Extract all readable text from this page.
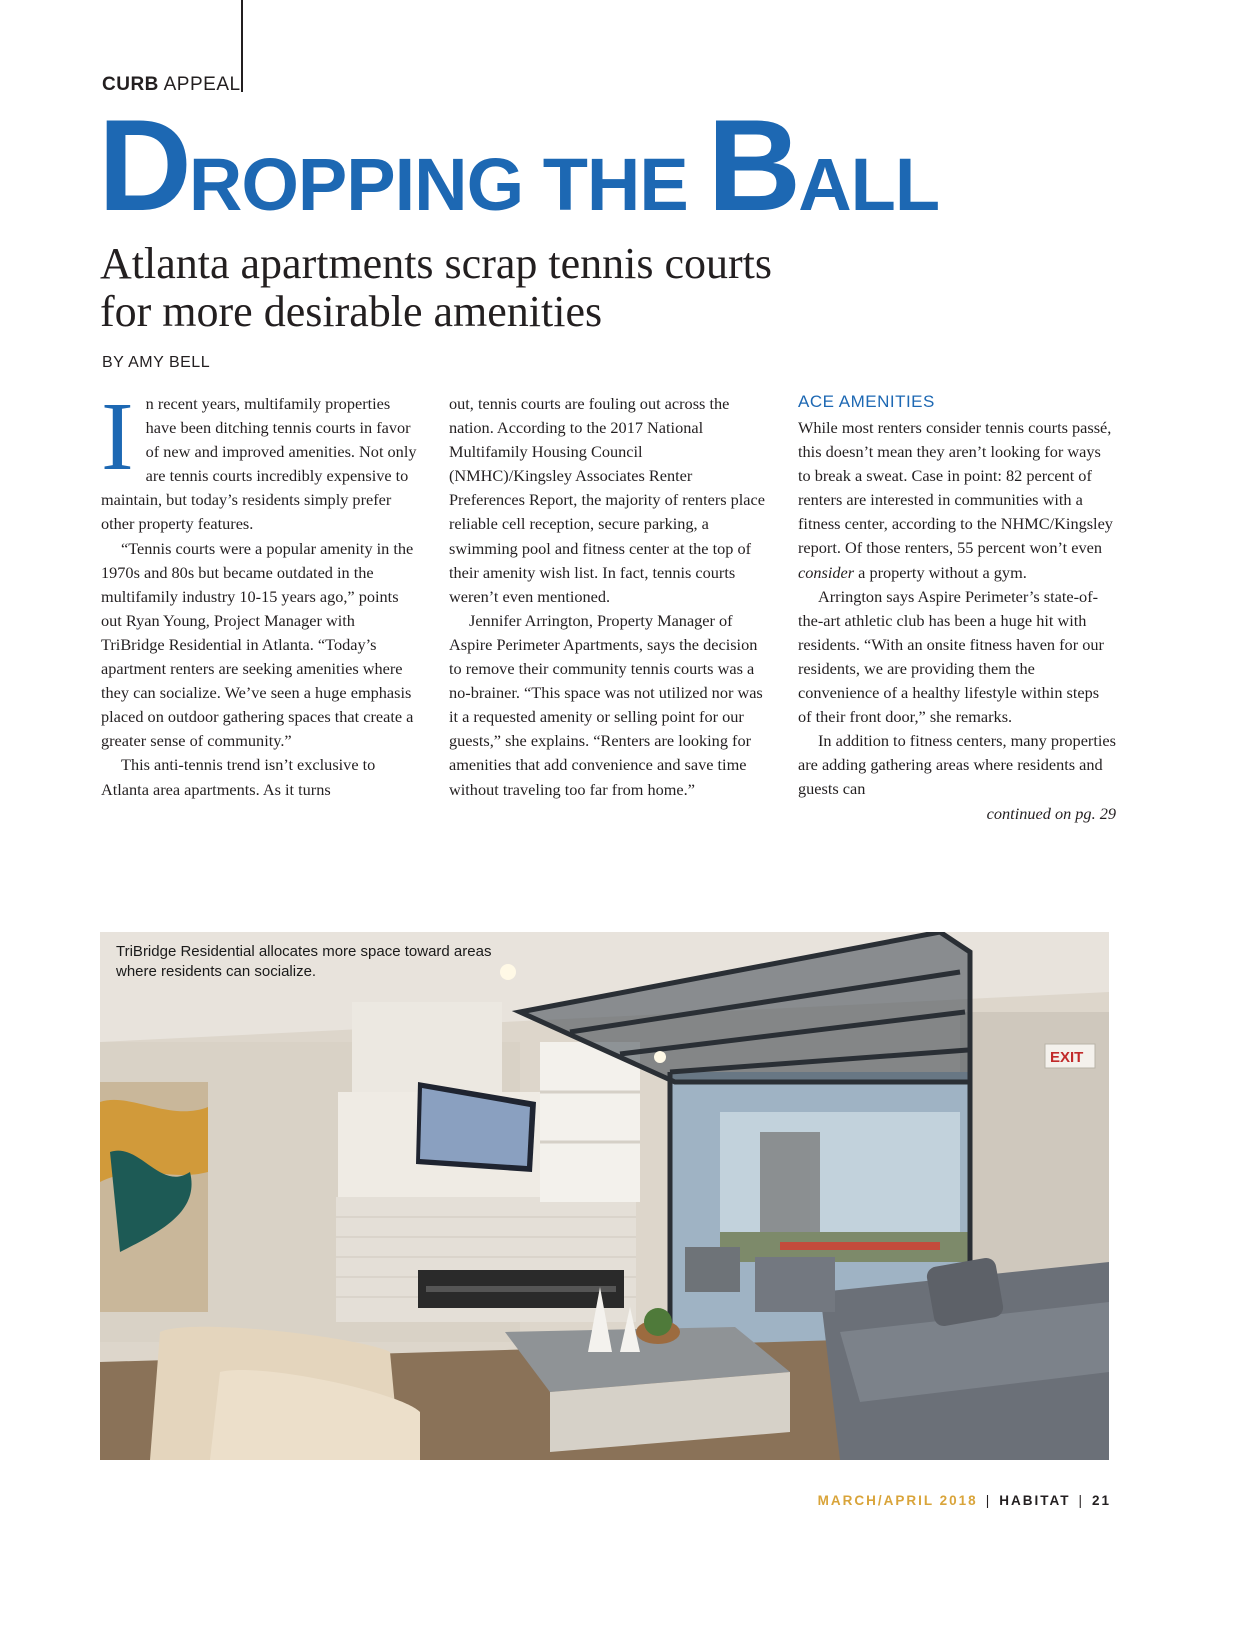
CURB APPEAL
DROPPING THE BALL
Atlanta apartments scrap tennis courts
for more desirable amenities
BY AMY BELL

In recent years, multifamily properties have been ditching tennis courts in favor of new and improved amenities. Not only are tennis courts incredibly expensive to maintain, but today’s residents simply prefer other property features.

“Tennis courts were a popular amenity in the 1970s and 80s but became outdated in the multifamily industry 10-15 years ago,” points out Ryan Young, Project Manager with TriBridge Residential in Atlanta. “Today’s apartment renters are seeking amenities where they can socialize. We’ve seen a huge emphasis placed on outdoor gathering spaces that create a greater sense of community.”

This anti-tennis trend isn’t exclusive to Atlanta area apartments. As it turns

out, tennis courts are fouling out across the nation. According to the 2017 National Multifamily Housing Council (NMHC)/Kingsley Associates Renter Preferences Report, the majority of renters place reliable cell reception, secure parking, a swimming pool and fitness center at the top of their amenity wish list. In fact, tennis courts weren’t even mentioned.

Jennifer Arrington, Property Manager of Aspire Perimeter Apartments, says the decision to remove their community tennis courts was a no-brainer. “This space was not utilized nor was it a requested amenity or selling point for our guests,” she explains. “Renters are looking for amenities that add convenience and save time without traveling too far from home.”

ACE AMENITIES

While most renters consider tennis courts passé, this doesn’t mean they aren’t looking for ways to break a sweat. Case in point: 82 percent of renters are interested in communities with a fitness center, according to the NHMC/Kingsley report. Of those renters, 55 percent won’t even consider a property without a gym.

Arrington says Aspire Perimeter’s state-of-the-art athletic club has been a huge hit with residents. “With an onsite fitness haven for our residents, we are providing them the convenience of a healthy lifestyle within steps of their front door,” she remarks.

In addition to fitness centers, many properties are adding gathering areas where residents and guests can

continued on pg. 29

EXIT
TriBridge Residential allocates more space toward areas where residents can socialize.
MARCH/APRIL 2018 | HABITAT | 21
